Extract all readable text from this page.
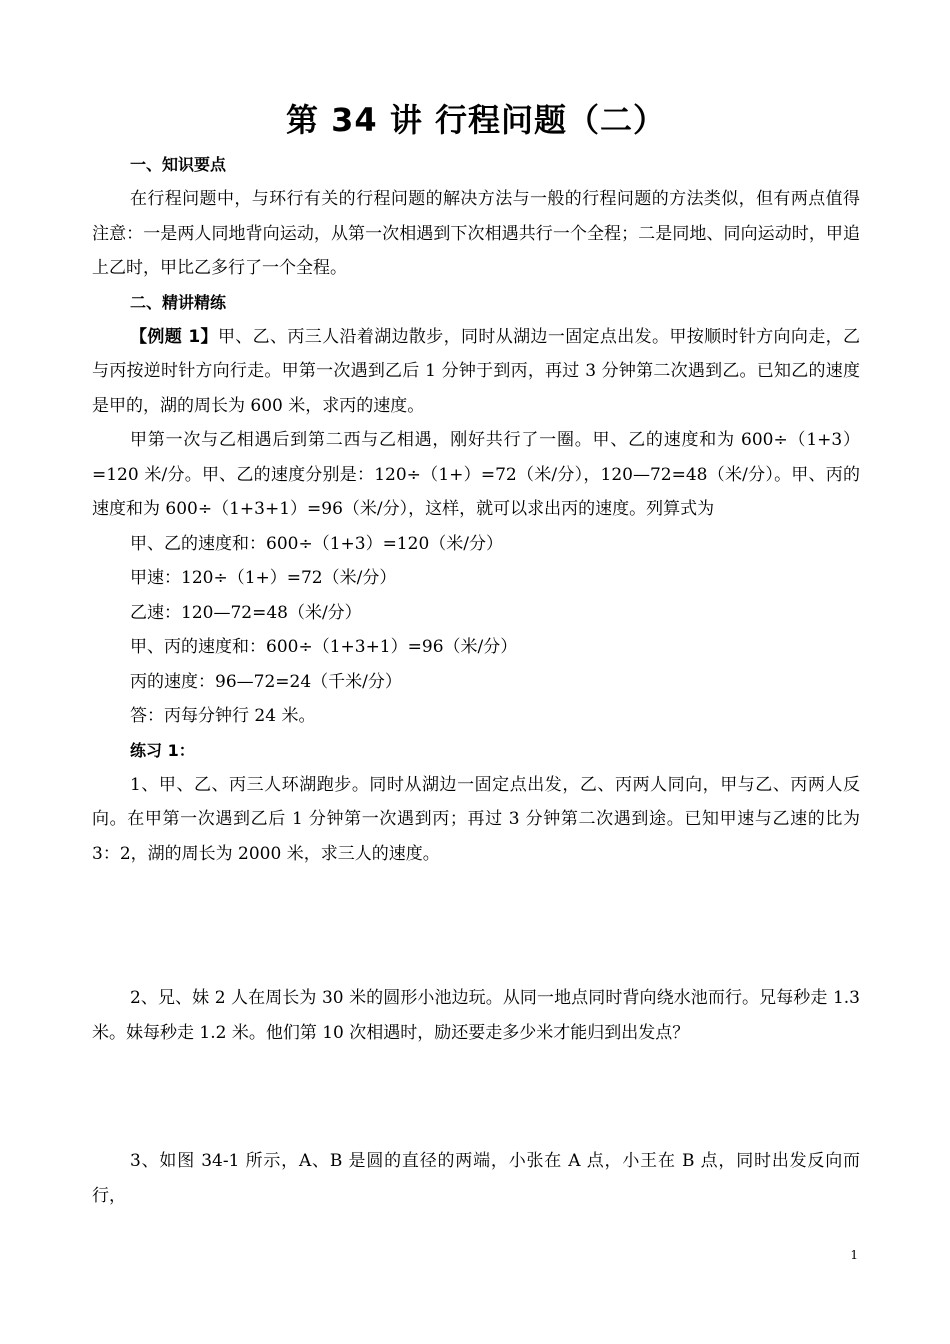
第 34 讲 行程问题（二）

一、知识要点

在行程问题中，与环行有关的行程问题的解决方法与一般的行程问题的方法类似，但有两点值得注意：一是两人同地背向运动，从第一次相遇到下次相遇共行一个全程；二是同地、同向运动时，甲追上乙时，甲比乙多行了一个全程。

二、精讲精练

【例题 1】甲、乙、丙三人沿着湖边散步，同时从湖边一固定点出发。甲按顺时针方向向走，乙与丙按逆时针方向行走。甲第一次遇到乙后 1 分钟于到丙，再过 3 分钟第二次遇到乙。已知乙的速度是甲的，湖的周长为 600 米，求丙的速度。

甲第一次与乙相遇后到第二西与乙相遇，刚好共行了一圈。甲、乙的速度和为 600÷（1+3）=120 米/分。甲、乙的速度分别是：120÷（1+）=72（米/分），120—72=48（米/分）。甲、丙的速度和为 600÷（1+3+1）=96（米/分），这样，就可以求出丙的速度。列算式为

甲、乙的速度和：600÷（1+3）=120（米/分）

甲速：120÷（1+）=72（米/分）

乙速：120—72=48（米/分）

甲、丙的速度和：600÷（1+3+1）=96（米/分）

丙的速度：96—72=24（千米/分）

答：丙每分钟行 24 米。

练习 1：

1、甲、乙、丙三人环湖跑步。同时从湖边一固定点出发，乙、丙两人同向，甲与乙、丙两人反向。在甲第一次遇到乙后 1 分钟第一次遇到丙；再过 3 分钟第二次遇到途。已知甲速与乙速的比为 3：2，湖的周长为 2000 米，求三人的速度。

2、兄、妹 2 人在周长为 30 米的圆形小池边玩。从同一地点同时背向绕水池而行。兄每秒走 1.3 米。妹每秒走 1.2 米。他们第 10 次相遇时，励还要走多少米才能归到出发点？

3、如图 34-1 所示，A、B 是圆的直径的两端，小张在 A 点，小王在 B 点，同时出发反向而行，

1
